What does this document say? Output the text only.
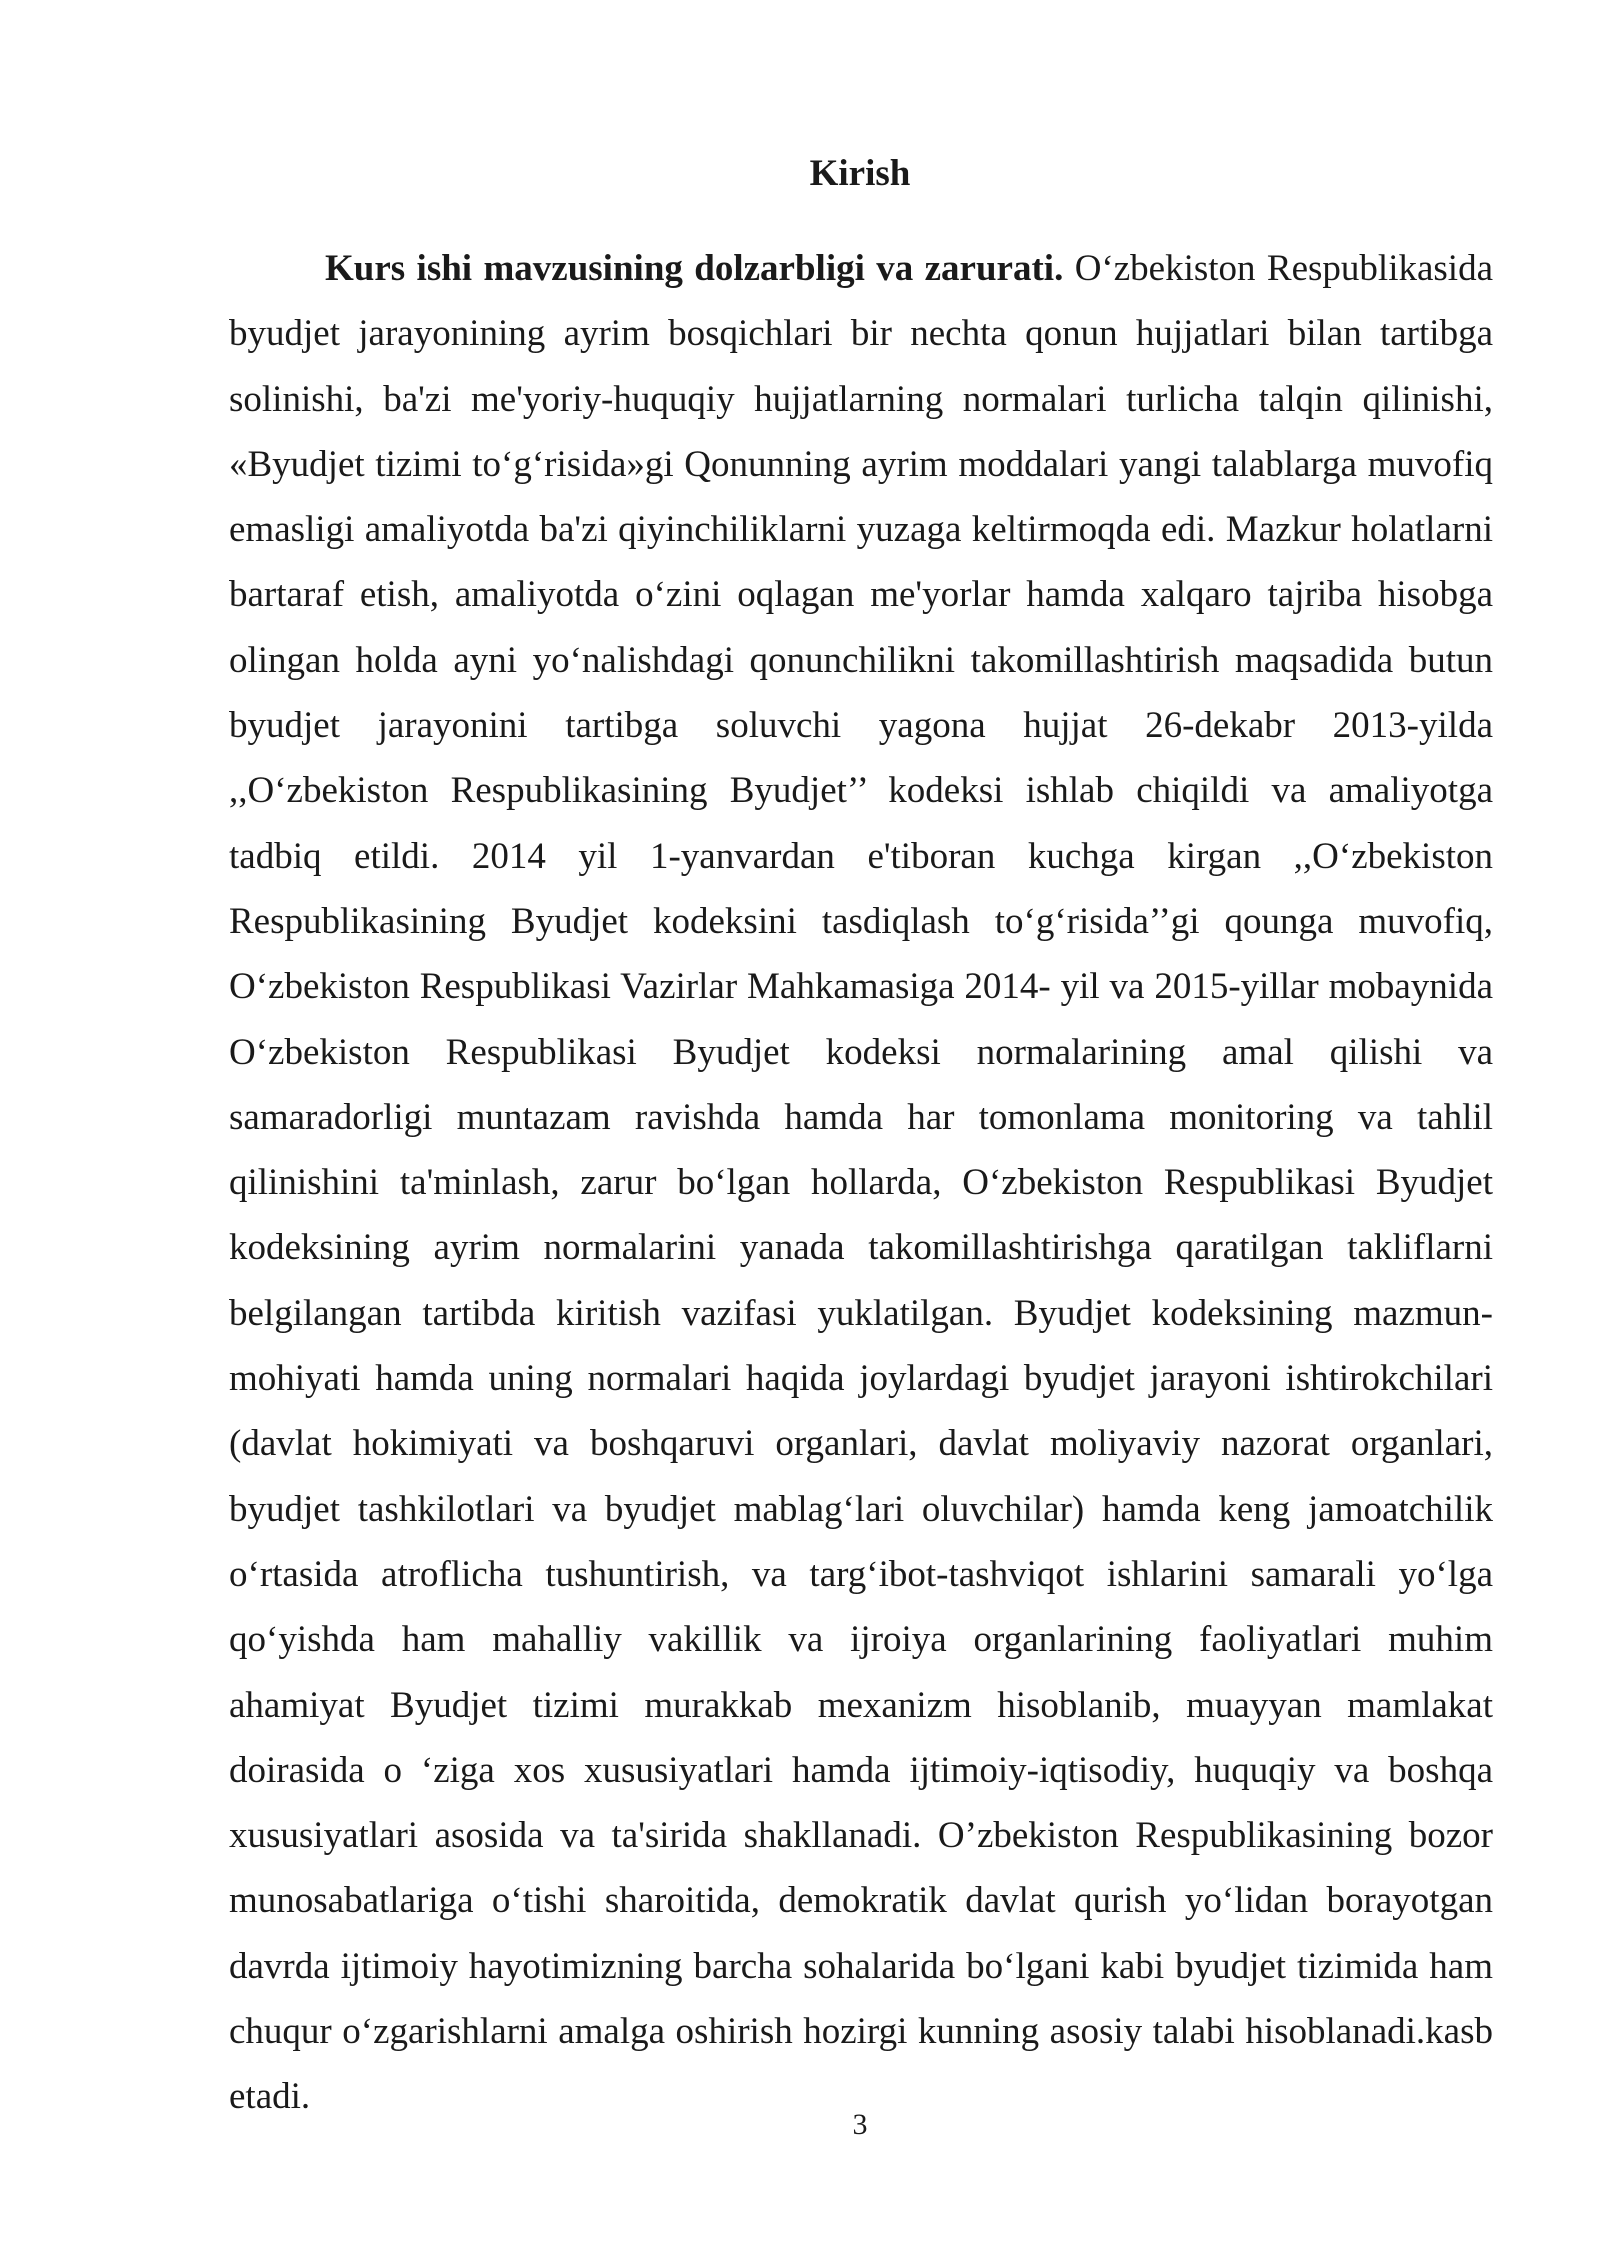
Kirish

Kurs ishi mavzusining dolzarbligi va zarurati. O‘zbekiston Respublikasida byudjet jarayonining ayrim bosqichlari bir nechta qonun hujjatlari bilan tartibga solinishi, ba'zi me'yoriy-huquqiy hujjatlarning normalari turlicha talqin qilinishi, «Byudjet tizimi to‘g‘risida»gi Qonunning ayrim moddalari yangi talablarga muvofiq emasligi amaliyotda ba'zi qiyinchiliklarni yuzaga keltirmoqda edi. Mazkur holatlarni bartaraf etish, amaliyotda o‘zini oqlagan me'yorlar hamda xalqaro tajriba hisobga olingan holda ayni yo‘nalishdagi qonunchilikni takomillashtirish maqsadida butun byudjet jarayonini tartibga soluvchi yagona hujjat 26-dekabr 2013-yilda ,,O‘zbekiston Respublikasining Byudjet’’ kodeksi ishlab chiqildi va amaliyotga tadbiq etildi. 2014 yil 1-yanvardan e'tiboran kuchga kirgan ,,O‘zbekiston Respublikasining Byudjet kodeksini tasdiqlash to‘g‘risida’’gi qounga muvofiq, O‘zbekiston Respublikasi Vazirlar Mahkamasiga 2014- yil va 2015-yillar mobaynida O‘zbekiston Respublikasi Byudjet kodeksi normalarining amal qilishi va samaradorligi muntazam ravishda hamda har tomonlama monitoring va tahlil qilinishini ta'minlash, zarur bo‘lgan hollarda, O‘zbekiston Respublikasi Byudjet kodeksining ayrim normalarini yanada takomillashtirishga qaratilgan takliflarni belgilangan tartibda kiritish vazifasi yuklatilgan. Byudjet kodeksining mazmun-mohiyati hamda uning normalari haqida joylardagi byudjet jarayoni ishtirokchilari (davlat hokimiyati va boshqaruvi organlari, davlat moliyaviy nazorat organlari, byudjet tashkilotlari va byudjet mablag‘lari oluvchilar) hamda keng jamoatchilik o‘rtasida atroflicha tushuntirish, va targ‘ibot-tashviqot ishlarini samarali yo‘lga qo‘yishda ham mahalliy vakillik va ijroiya organlarining faoliyatlari muhim ahamiyat Byudjet tizimi murakkab mexanizm hisoblanib, muayyan mamlakat doirasida o ‘ziga xos xususiyatlari hamda ijtimoiy-iqtisodiy, huquqiy va boshqa xususiyatlari asosida va ta'sirida shakllanadi. O’zbekiston Respublikasining bozor munosabatlariga o‘tishi sharoitida, demokratik davlat qurish yo‘lidan borayotgan davrda ijtimoiy hayotimizning barcha sohalarida bo‘lgani kabi byudjet tizimida ham chuqur o‘zgarishlarni amalga oshirish hozirgi kunning asosiy talabi hisoblanadi.kasb etadi.

3
